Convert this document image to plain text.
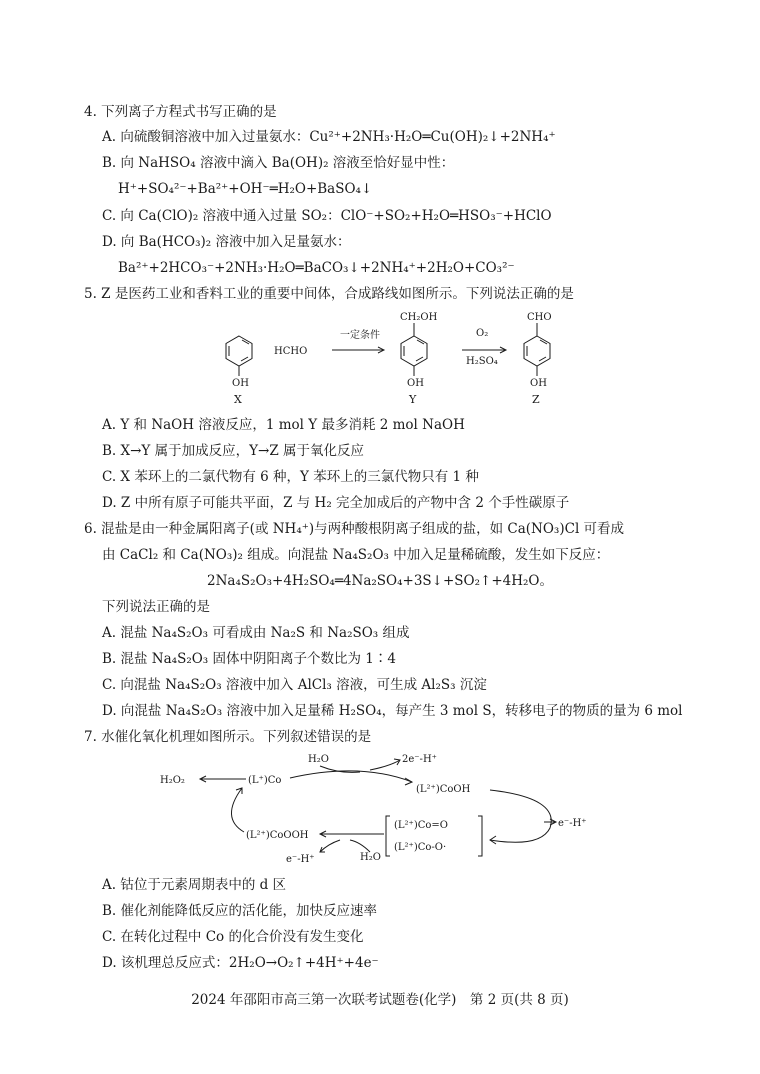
4. 下列离子方程式书写正确的是
A. 向硫酸铜溶液中加入过量氨水：Cu²⁺+2NH₃·H₂O═Cu(OH)₂↓+2NH₄⁺
B. 向 NaHSO₄ 溶液中滴入 Ba(OH)₂ 溶液至恰好显中性：
H⁺+SO₄²⁻+Ba²⁺+OH⁻═H₂O+BaSO₄↓
C. 向 Ca(ClO)₂ 溶液中通入过量 SO₂：ClO⁻+SO₂+H₂O═HSO₃⁻+HClO
D. 向 Ba(HCO₃)₂ 溶液中加入足量氨水：
Ba²⁺+2HCO₃⁻+2NH₃·H₂O═BaCO₃↓+2NH₄⁺+2H₂O+CO₃²⁻
5. Z 是医药工业和香料工业的重要中间体，合成路线如图所示。下列说法正确的是
OH
X
HCHO
一定条件
CH₂OH
OH
Y
O₂
H₂SO₄
CHO
OH
Z
A. Y 和 NaOH 溶液反应，1 mol Y 最多消耗 2 mol NaOH
B. X→Y 属于加成反应，Y→Z 属于氧化反应
C. X 苯环上的二氯代物有 6 种，Y 苯环上的三氯代物只有 1 种
D. Z 中所有原子可能共平面，Z 与 H₂ 完全加成后的产物中含 2 个手性碳原子
6. 混盐是由一种金属阳离子(或 NH₄⁺)与两种酸根阴离子组成的盐，如 Ca(NO₃)Cl 可看成
由 CaCl₂ 和 Ca(NO₃)₂ 组成。向混盐 Na₄S₂O₃ 中加入足量稀硫酸，发生如下反应：
2Na₄S₂O₃+4H₂SO₄═4Na₂SO₄+3S↓+SO₂↑+4H₂O。
下列说法正确的是
A. 混盐 Na₄S₂O₃ 可看成由 Na₂S 和 Na₂SO₃ 组成
B. 混盐 Na₄S₂O₃ 固体中阴阳离子个数比为 1∶4
C. 向混盐 Na₄S₂O₃ 溶液中加入 AlCl₃ 溶液，可生成 Al₂S₃ 沉淀
D. 向混盐 Na₄S₂O₃ 溶液中加入足量稀 H₂SO₄，每产生 3 mol S，转移电子的物质的量为 6 mol
7. 水催化氧化机理如图所示。下列叙述错误的是
H₂O₂	(L⁺)Co
H₂O	2e⁻-H⁺
(L²⁺)CoOH
e⁻-H⁺
(L²⁺)Co=O
(L²⁺)Co-O·
(L²⁺)CoOOH
H₂O
e⁻-H⁺
A. 钴位于元素周期表中的 d 区
B. 催化剂能降低反应的活化能，加快反应速率
C. 在转化过程中 Co 的化合价没有发生变化
D. 该机理总反应式：2H₂O→O₂↑+4H⁺+4e⁻
2024 年邵阳市高三第一次联考试题卷(化学)　第 2 页(共 8 页)
